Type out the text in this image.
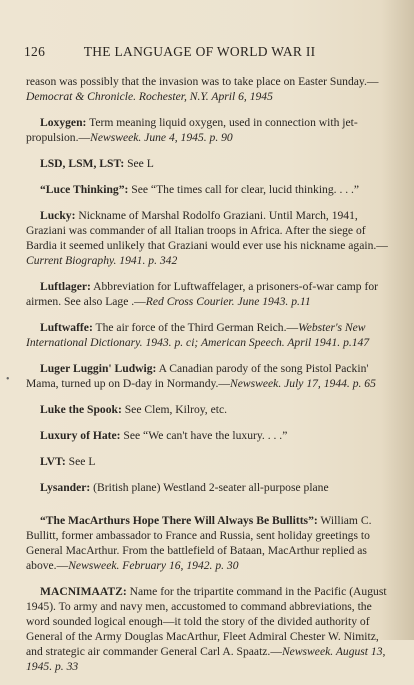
126	THE LANGUAGE OF WORLD WAR II
•

reason was possibly that the invasion was to take place on Easter Sunday.—Democrat & Chronicle. Rochester, N.Y. April 6, 1945

Loxygen: Term meaning liquid oxygen, used in connection with jet-propulsion.—Newsweek. June 4, 1945. p. 90

LSD, LSM, LST: See L

“Luce Thinking”: See “The times call for clear, lucid thinking. . . .”

Lucky: Nickname of Marshal Rodolfo Graziani. Until March, 1941, Graziani was commander of all Italian troops in Africa. After the siege of Bardia it seemed unlikely that Graziani would ever use his nickname again.—Current Biography. 1941. p. 342

Luftlager: Abbreviation for Luftwaffelager, a prisoners-of-war camp for airmen. See also Lage .—Red Cross Courier. June 1943. p.11

Luftwaffe: The air force of the Third German Reich.—Webster's New International Dictionary. 1943. p. ci; American Speech. April 1941. p.147

Luger Luggin' Ludwig: A Canadian parody of the song Pistol Packin' Mama, turned up on D-day in Normandy.—Newsweek. July 17, 1944. p. 65

Luke the Spook: See Clem, Kilroy, etc.

Luxury of Hate: See “We can't have the luxury. . . .”

LVT: See L

Lysander: (British plane) Westland 2-seater all-purpose plane

“The MacArthurs Hope There Will Always Be Bullitts”: William C. Bullitt, former ambassador to France and Russia, sent holiday greetings to General MacArthur. From the battlefield of Bataan, MacArthur replied as above.—Newsweek. February 16, 1942. p. 30

MACNIMAATZ: Name for the tripartite command in the Pacific (August 1945). To army and navy men, accustomed to command abbreviations, the word sounded logical enough—it told the story of the divided authority of General of the Army Douglas MacArthur, Fleet Admiral Chester W. Nimitz, and strategic air commander General Carl A. Spaatz.—Newsweek. August 13, 1945. p. 33
